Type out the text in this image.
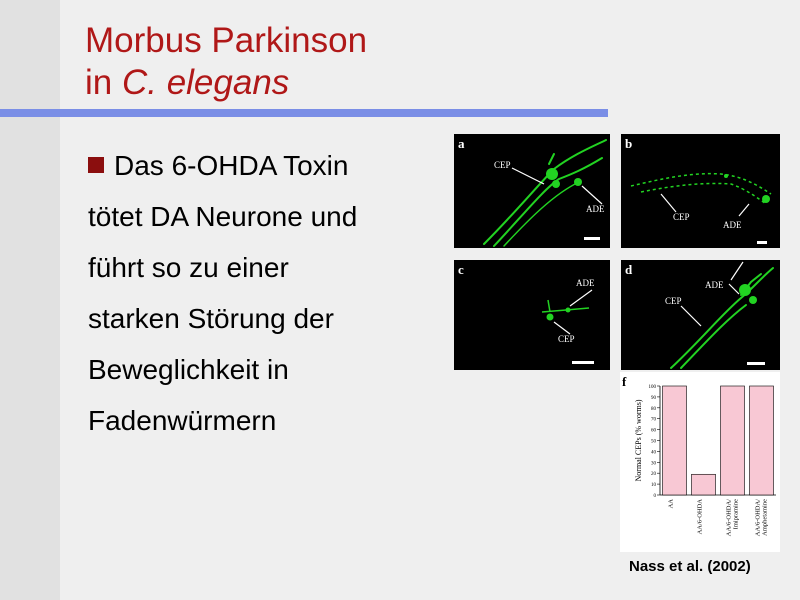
Morbus Parkinson
in C. elegans
Das 6-OHDA Toxin
tötet DA Neurone und
führt so zu einer
starken Störung der
Beweglichkeit in
Fadenwürmern
a
CEP
ADE
b
CEP
ADE
c
ADE
CEP
d
CEP
ADE
f
0
10
20
30
40
50
60
70
80
90
100
Normal CEPs (% worms)
AA	AA/6-OHDA	AA/6-OHDA/ Imipramine AA/6-OHDA/ Amphetamine
Nass et al. (2002)
